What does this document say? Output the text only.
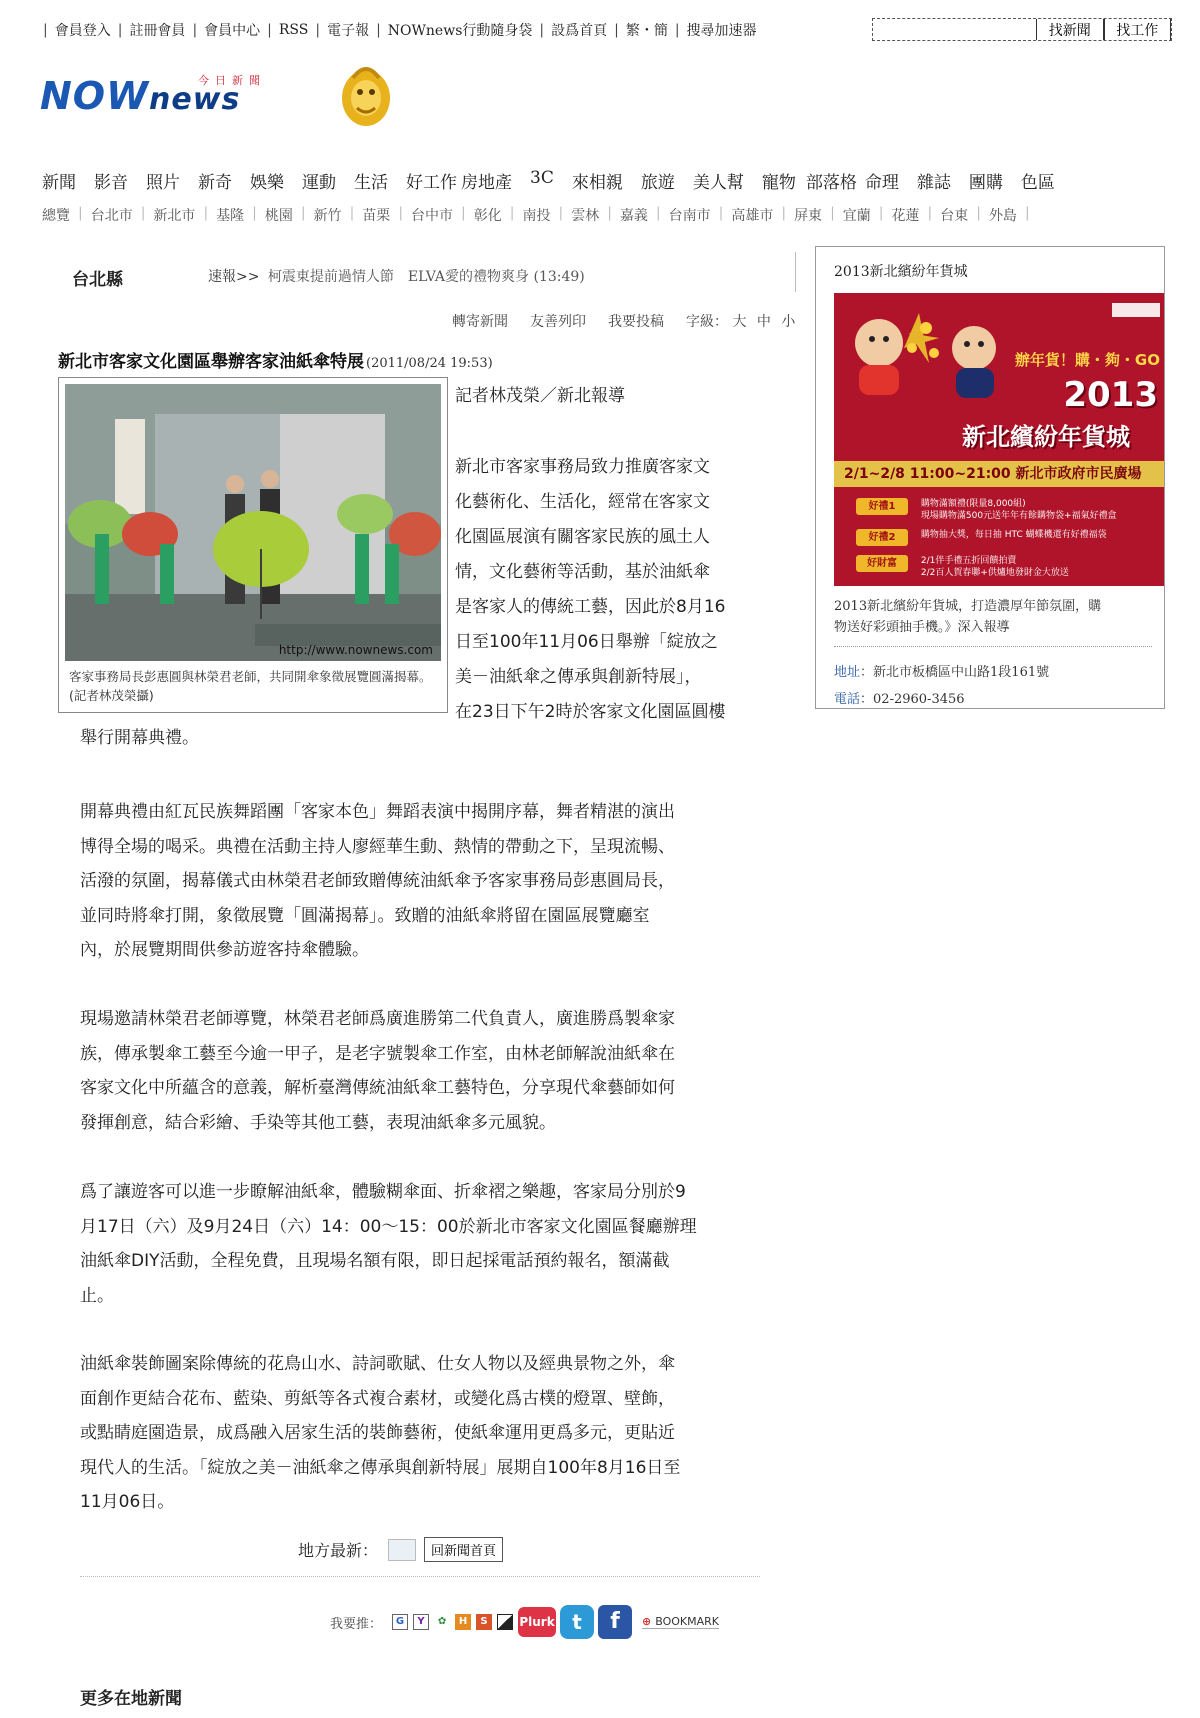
| 會員登入 | 註冊會員 | 會員中心 | RSS | 電子報 | NOWnews行動隨身袋 | 設爲首頁 | 繁・簡 | 搜尋加速器	找新聞	找工作
今日新聞
NOWnews
新聞 影音 照片 新奇 娛樂 運動 生活 好工作 房地產 3C 來相親 旅遊 美人幫 寵物 部落格 命理 雜誌 團購 色區
總覽 | 台北市 | 新北市 | 基隆 | 桃園 | 新竹 | 苗栗 | 台中市 | 彰化 | 南投 | 雲林 | 嘉義 | 台南市 | 高雄市 | 屏東 | 宜蘭 | 花蓮 | 台東 | 外島 |
台北縣	速報>> 柯震東提前過情人節　ELVA愛的禮物爽身 (13:49)
轉寄新聞 友善列印 我要投稿 字級： 大 中 小
新北市客家文化園區舉辦客家油紙傘特展 (2011/08/24 19:53)
http://www.nownews.com
客家事務局長彭惠圓與林榮君老師，共同開傘象徵展覽圓滿揭幕。(記者林茂榮攝)
記者林茂榮／新北報導
新北市客家事務局致力推廣客家文
化藝術化、生活化，經常在客家文
化園區展演有關客家民族的風土人
情，文化藝術等活動，基於油紙傘
是客家人的傳統工藝，因此於8月16
日至100年11月06日舉辦「綻放之
美－油紙傘之傳承與創新特展」，
在23日下午2時於客家文化園區圓樓
舉行開幕典禮。
開幕典禮由紅瓦民族舞蹈團「客家本色」舞蹈表演中揭開序幕，舞者精湛的演出
博得全場的喝采。典禮在活動主持人廖經華生動、熱情的帶動之下，呈現流暢、
活潑的氛圍，揭幕儀式由林榮君老師致贈傳統油紙傘予客家事務局彭惠圓局長，
並同時將傘打開，象徵展覽「圓滿揭幕」。致贈的油紙傘將留在園區展覽廳室
內，於展覽期間供參訪遊客持傘體驗。
現場邀請林榮君老師導覽，林榮君老師爲廣進勝第二代負責人，廣進勝爲製傘家
族，傳承製傘工藝至今逾一甲子，是老字號製傘工作室，由林老師解說油紙傘在
客家文化中所蘊含的意義，解析臺灣傳統油紙傘工藝特色，分享現代傘藝師如何
發揮創意，結合彩繪、手染等其他工藝，表現油紙傘多元風貌。
爲了讓遊客可以進一步瞭解油紙傘，體驗糊傘面、折傘褶之樂趣，客家局分別於9
月17日（六）及9月24日（六）14：00～15：00於新北市客家文化園區餐廳辦理
油紙傘DIY活動，全程免費，且現場名額有限，即日起採電話預約報名，額滿截
止。
油紙傘裝飾圖案除傳統的花鳥山水、詩詞歌賦、仕女人物以及經典景物之外，傘
面創作更結合花布、藍染、剪紙等各式複合素材，或變化爲古樸的燈罩、壁飾，
或點睛庭園造景，成爲融入居家生活的裝飾藝術，使紙傘運用更爲多元，更貼近
現代人的生活。「綻放之美－油紙傘之傳承與創新特展」展期自100年8月16日至
11月06日。
地方最新：	回新聞首頁
我要推：	G	Y	✿	H	S	Plurk t	f	⊕ BOOKMARK
更多在地新聞
2013新北繽紛年貨城
辦年貨！購・夠・GO
2013
新北繽紛年貨城
2/1~2/8 11:00~21:00 新北市政府市民廣場
好禮1	購物滿額禮(限量8,000組)
現場購物滿500元送年年有餘購物袋+福氣好禮盒
好禮2	購物抽大獎，每日抽 HTC 蝴蝶機還有好禮福袋
好財富	2/1伴手禮五折回饋拍賣
2/2百人賀春聯+供爐地發財金大放送
2013新北繽紛年貨城，打造濃厚年節氛圍，購
物送好彩頭抽手機。》深入報導
地址：新北市板橋區中山路1段161號
電話：02-2960-3456
